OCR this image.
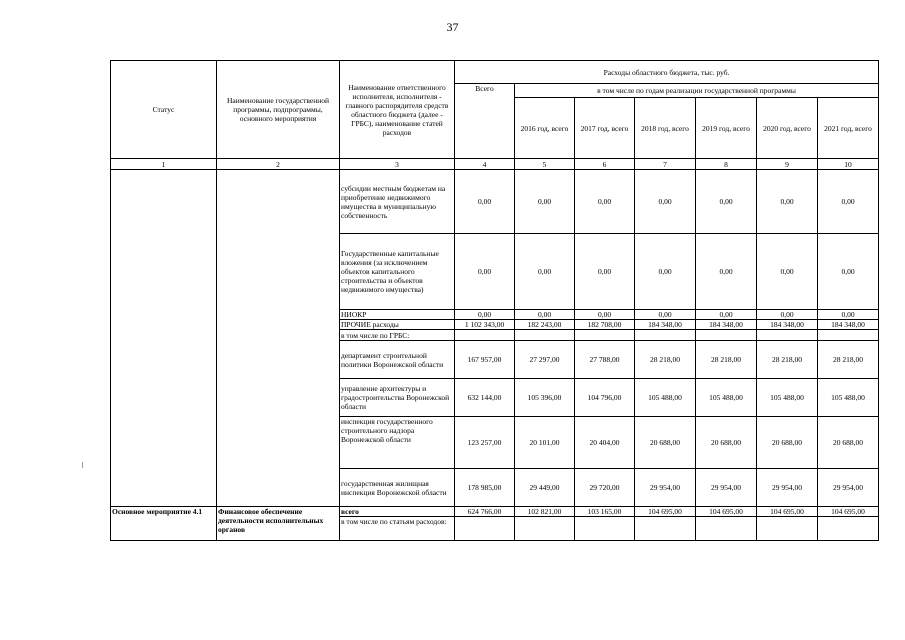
37
Статус	Наименование государственной программы, подпрограммы, основного мероприятия	Наименование ответственного исполнителя, исполнителя - главного распорядителя средств областного бюджета (далее - ГРБС), наименование статей расходов	Расходы областного бюджета, тыс. руб.						
			Всего	в том числе по годам реализации государственной программы					
				2016 год, всего	2017 год, всего	2018 год, всего	2019 год, всего	2020 год, всего	2021 год, всего
1	2	3	4	5	6	7	8	9	10
		субсидии местным бюджетам на приобретение недвижимого имущества в муниципальную собственность	0,00	0,00	0,00	0,00	0,00	0,00	0,00
		Государственные капитальные вложения (за исключением объектов капитального строительства и объектов недвижимого имущества)	0,00	0,00	0,00	0,00	0,00	0,00	0,00
		НИОКР	0,00	0,00	0,00	0,00	0,00	0,00	0,00
		ПРОЧИЕ расходы	1 102 343,00	182 243,00	182 708,00	184 348,00	184 348,00	184 348,00	184 348,00
		в том числе по ГРБС:							
		департамент строительной политики Воронежской области	167 957,00	27 297,00	27 788,00	28 218,00	28 218,00	28 218,00	28 218,00
		управление архитектуры и градостроительства Воронежской области	632 144,00	105 396,00	104 796,00	105 488,00	105 488,00	105 488,00	105 488,00
		инспекция государственного строительного надзора Воронежской области	123 257,00	20 101,00	20 404,00	20 688,00	20 688,00	20 688,00	20 688,00
		государственная жилищная инспекция Воронежской области	178 985,00	29 449,00	29 720,00	29 954,00	29 954,00	29 954,00	29 954,00
Основное мероприятие 4.1	Финансовое обеспечение деятельности исполнительных органов	всего	624 766,00	102 821,00	103 165,00	104 695,00	104 695,00	104 695,00	104 695,00
		в том числе по статьям расходов:							
